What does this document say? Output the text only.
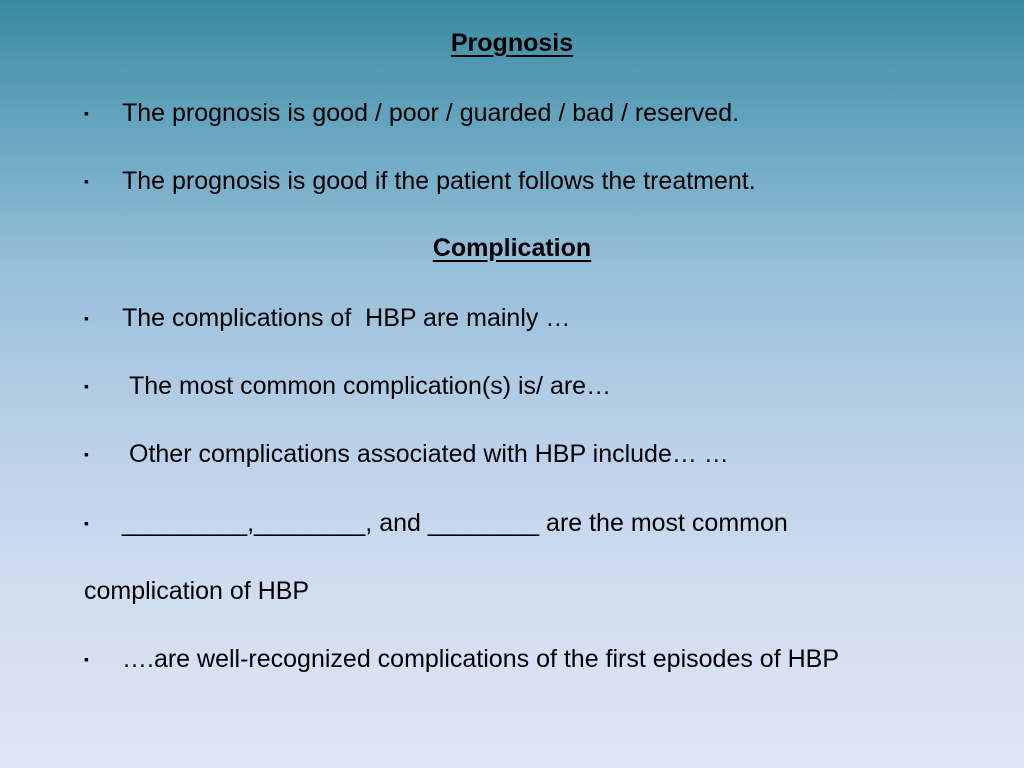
Prognosis
▪	The prognosis is good / poor / guarded / bad / reserved.
▪	The prognosis is good if the patient follows the treatment.
Complication
▪	The complications of  HBP are mainly …
▪	The most common complication(s) is/ are…
▪	Other complications associated with HBP include… …
▪	_________,________, and ________ are the most common
complication of HBP
▪	….are well-recognized complications of the first episodes of HBP
